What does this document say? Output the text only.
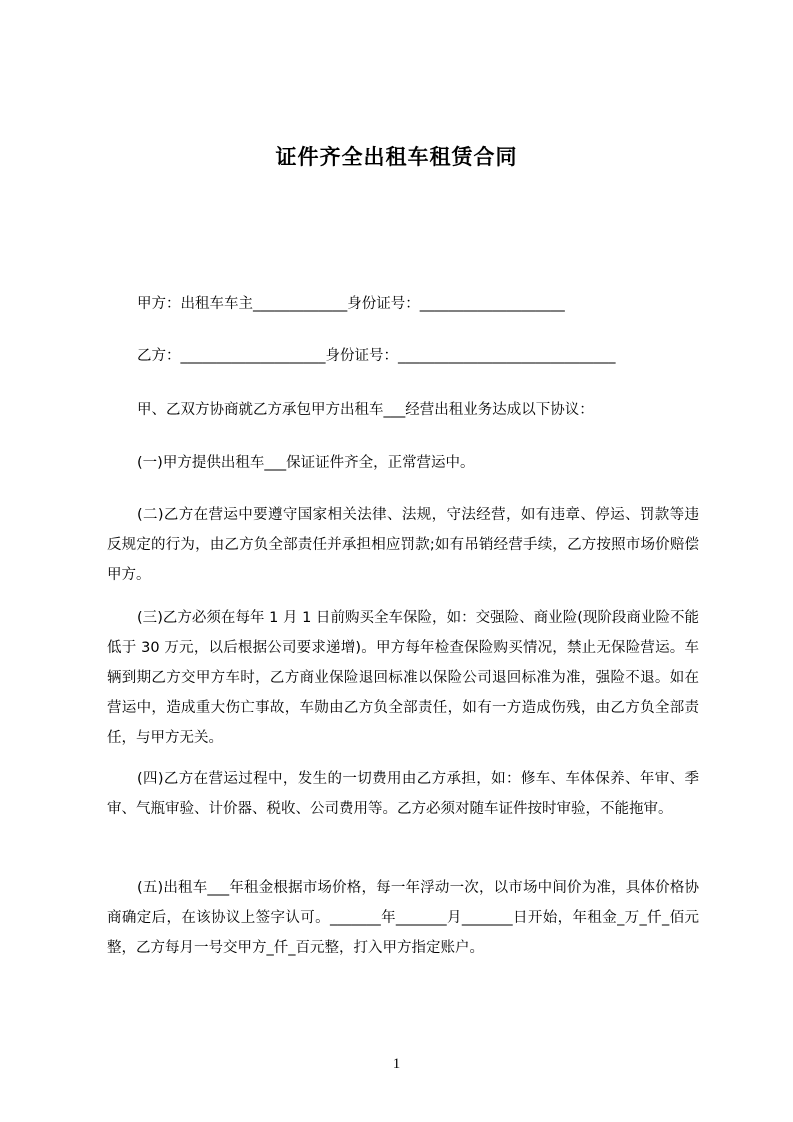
证件齐全出租车租赁合同

甲方：出租车车主_____________身份证号：____________________

乙方：____________________身份证号：______________________________

甲、乙双方协商就乙方承包甲方出租车___经营出租业务达成以下协议：

(一)甲方提供出租车___保证证件齐全，正常营运中。

(二)乙方在营运中要遵守国家相关法律、法规，守法经营，如有违章、停运、罚款等违反规定的行为，由乙方负全部责任并承担相应罚款;如有吊销经营手续，乙方按照市场价赔偿甲方。

(三)乙方必须在每年 1 月 1 日前购买全车保险，如：交强险、商业险(现阶段商业险不能低于 30 万元，以后根据公司要求递增)。甲方每年检查保险购买情况，禁止无保险营运。车辆到期乙方交甲方车时，乙方商业保险退回标准以保险公司退回标准为准，强险不退。如在营运中，造成重大伤亡事故，车勋由乙方负全部责任，如有一方造成伤残，由乙方负全部责任，与甲方无关。

(四)乙方在营运过程中，发生的一切费用由乙方承担，如：修车、车体保养、年审、季审、气瓶审验、计价器、税收、公司费用等。乙方必须对随车证件按时审验，不能拖审。

(五)出租车___年租金根据市场价格，每一年浮动一次，以市场中间价为准，具体价格协商确定后，在该协议上签字认可。_______年_______月_______日开始，年租金_万_仟_佰元整，乙方每月一号交甲方_仟_百元整，打入甲方指定账户。

1
